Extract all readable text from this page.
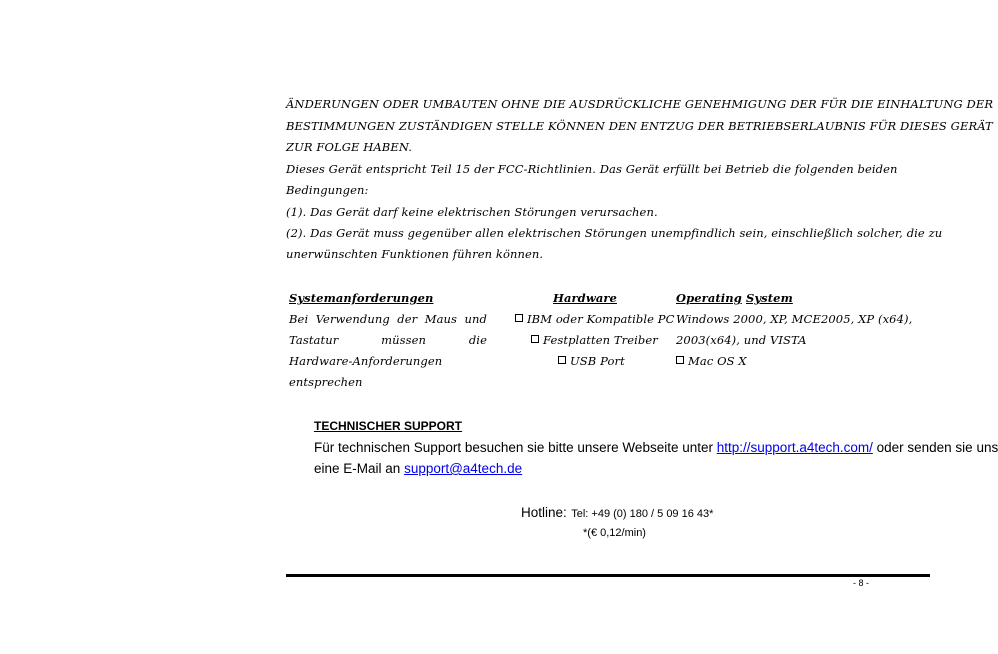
ÄNDERUNGEN ODER UMBAUTEN OHNE DIE AUSDRÜCKLICHE GENEHMIGUNG DER FÜR DIE EINHALTUNG DER
BESTIMMUNGEN ZUSTÄNDIGEN STELLE KÖNNEN DEN ENTZUG DER BETRIEBSERLAUBNIS FÜR DIESES GERÄT
ZUR FOLGE HABEN.
Dieses Gerät entspricht Teil 15 der FCC-Richtlinien. Das Gerät erfüllt bei Betrieb die folgenden beiden
Bedingungen:
(1). Das Gerät darf keine elektrischen Störungen verursachen.
(2). Das Gerät muss gegenüber allen elektrischen Störungen unempfindlich sein, einschließlich solcher, die zu
unerwünschten Funktionen führen können.
Systemanforderungen
Bei Verwendung der Maus und
Tastatur	müssen	die
Hardware-Anforderungen
entsprechen
Hardware
IBM oder Kompatible PC
Festplatten Treiber
USB Port
Operating System
Windows 2000, XP, MCE2005, XP (x64),
2003(x64), und VISTA
Mac OS X
TECHNISCHER SUPPORT
Für technischen Support besuchen sie bitte unsere Webseite unter http://support.a4tech.com/ oder senden sie uns
eine E-Mail an support@a4tech.de
Hotline: Tel: +49 (0) 180 / 5 09 16 43*
*(€ 0,12/min)
- 8 -
